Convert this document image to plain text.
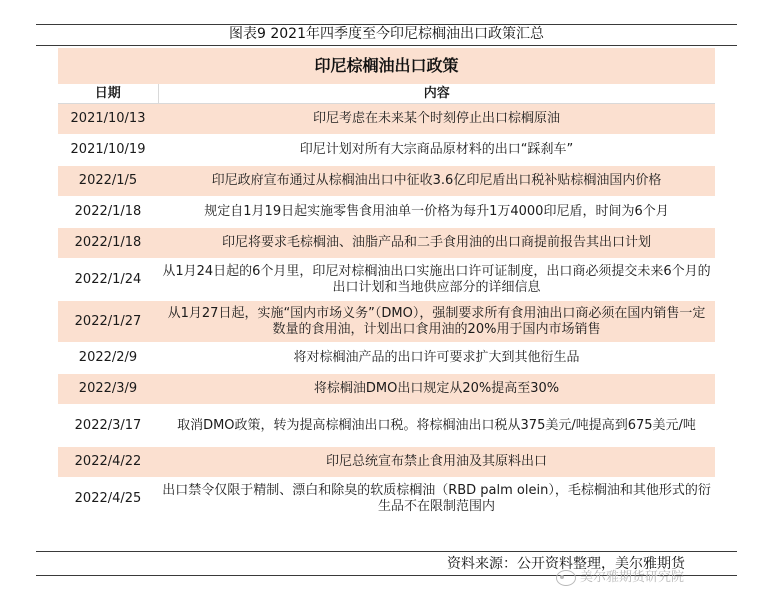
图表9 2021年四季度至今印尼棕榈油出口政策汇总
印尼棕榈油出口政策	
日期	内容
2021/10/13	印尼考虑在未来某个时刻停止出口棕榈原油
2021/10/19	印尼计划对所有大宗商品原材料的出口“踩刹车”
2022/1/5	印尼政府宣布通过从棕榈油出口中征收3.6亿印尼盾出口税补贴棕榈油国内价格
2022/1/18	规定自1月19日起实施零售食用油单一价格为每升1万4000印尼盾，时间为6个月
2022/1/18	印尼将要求毛棕榈油、油脂产品和二手食用油的出口商提前报告其出口计划
2022/1/24	从1月24日起的6个月里，印尼对棕榈油出口实施出口许可证制度，出口商必须提交未来6个月的出口计划和当地供应部分的详细信息
2022/1/27	从1月27日起，实施“国内市场义务”（DMO），强制要求所有食用油出口商必须在国内销售一定数量的食用油，计划出口食用油的20%用于国内市场销售
2022/2/9	将对棕榈油产品的出口许可要求扩大到其他衍生品
2022/3/9	将棕榈油DMO出口规定从20%提高至30%
2022/3/17	取消DMO政策，转为提高棕榈油出口税。将棕榈油出口税从375美元/吨提高到675美元/吨
2022/4/22	印尼总统宣布禁止食用油及其原料出口
2022/4/25	出口禁令仅限于精制、漂白和除臭的软质棕榈油（RBD palm olein），毛棕榈油和其他形式的衍生品不在限制范围内
资料来源：公开资料整理，美尔雅期货
美尔雅期货研究院
